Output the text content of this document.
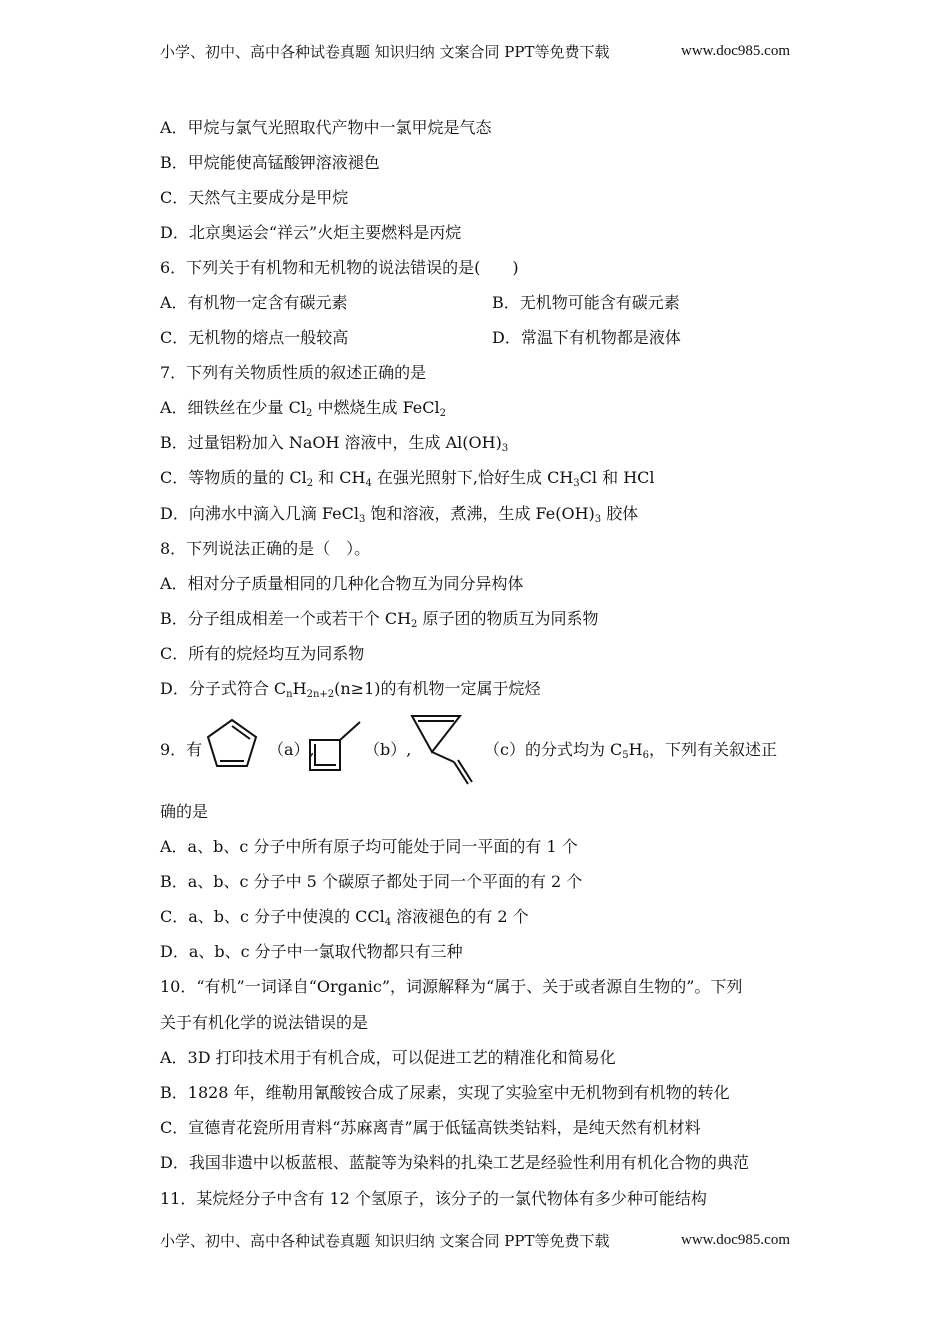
小学、初中、高中各种试卷真题 知识归纳 文案合同 PPT等免费下载	www.doc985.com
A．甲烷与氯气光照取代产物中一氯甲烷是气态
B．甲烷能使高锰酸钾溶液褪色
C．天然气主要成分是甲烷
D．北京奥运会“祥云”火炬主要燃料是丙烷
6．下列关于有机物和无机物的说法错误的是(　　)
A．有机物一定含有碳元素	B．无机物可能含有碳元素
C．无机物的熔点一般较高	D．常温下有机物都是液体
7．下列有关物质性质的叙述正确的是
A．细铁丝在少量 $Cl_2$ 中燃烧生成 FeCl$_2$
B．过量铝粉加入 NaOH 溶液中，生成 $Al(OH)_3$
C．等物质的量的 $Cl_2$ 和 $CH_4$ 在强光照射下,恰好生成 $CH_3Cl$ 和 HCl
D．向沸水中滴入几滴 FeCl$_3$ 饱和溶液，煮沸，生成 $Fe(OH)_3$ 胶体
8．下列说法正确的是（　）。
A．相对分子质量相同的几种化合物互为同分异构体
B．分子组成相差一个或若干个 $CH_2$ 原子团的物质互为同系物
C．所有的烷烃均互为同系物
D．分子式符合 $C_nH_{2n+2}(n\ge 1)$的有机物一定属于烷烃
9．有	（a）,	（b）,	（c）的分式均为 $C_5H_6$，下列有关叙述正
确的是
A．a、b、c 分子中所有原子均可能处于同一平面的有 1 个
B．a、b、c 分子中 5 个碳原子都处于同一个平面的有 2 个
C．a、b、c 分子中使溴的 CCl$_4$ 溶液褪色的有 2 个
D．a、b、c 分子中一氯取代物都只有三种
10．“有机”一词译自“Organic”，词源解释为“属于、关于或者源自生物的”。下列
关于有机化学的说法错误的是
A．3D 打印技术用于有机合成，可以促进工艺的精准化和简易化
B．1828 年，维勒用氰酸铵合成了尿素，实现了实验室中无机物到有机物的转化
C．宣德青花瓷所用青料“苏麻离青”属于低锰高铁类钴料，是纯天然有机材料
D．我国非遗中以板蓝根、蓝靛等为染料的扎染工艺是经验性利用有机化合物的典范
11．某烷烃分子中含有 12 个氢原子，该分子的一氯代物体有多少种可能结构
小学、初中、高中各种试卷真题 知识归纳 文案合同 PPT等免费下载	www.doc985.com
